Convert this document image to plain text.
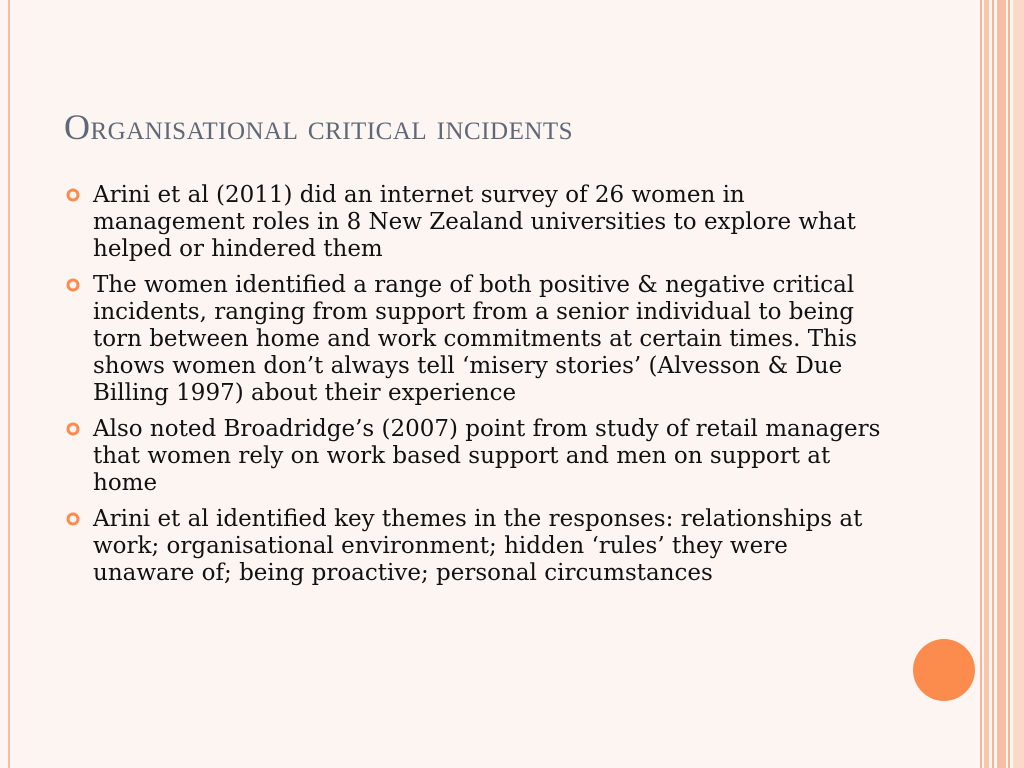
Organisational critical incidents
Arini et al (2011) did an internet survey of 26 women in management roles in 8 New Zealand universities to explore what helped or hindered them
The women identified a range of both positive & negative critical incidents, ranging from support from a senior individual to being torn between home and work commitments at certain times. This shows women don’t always tell ‘misery stories’ (Alvesson & Due Billing 1997) about their experience
Also noted Broadridge’s (2007) point from study of retail managers that women rely on work based support and men on support at home
Arini et al identified key themes in the responses: relationships at work; organisational environment; hidden ‘rules’ they were unaware of; being proactive; personal circumstances
